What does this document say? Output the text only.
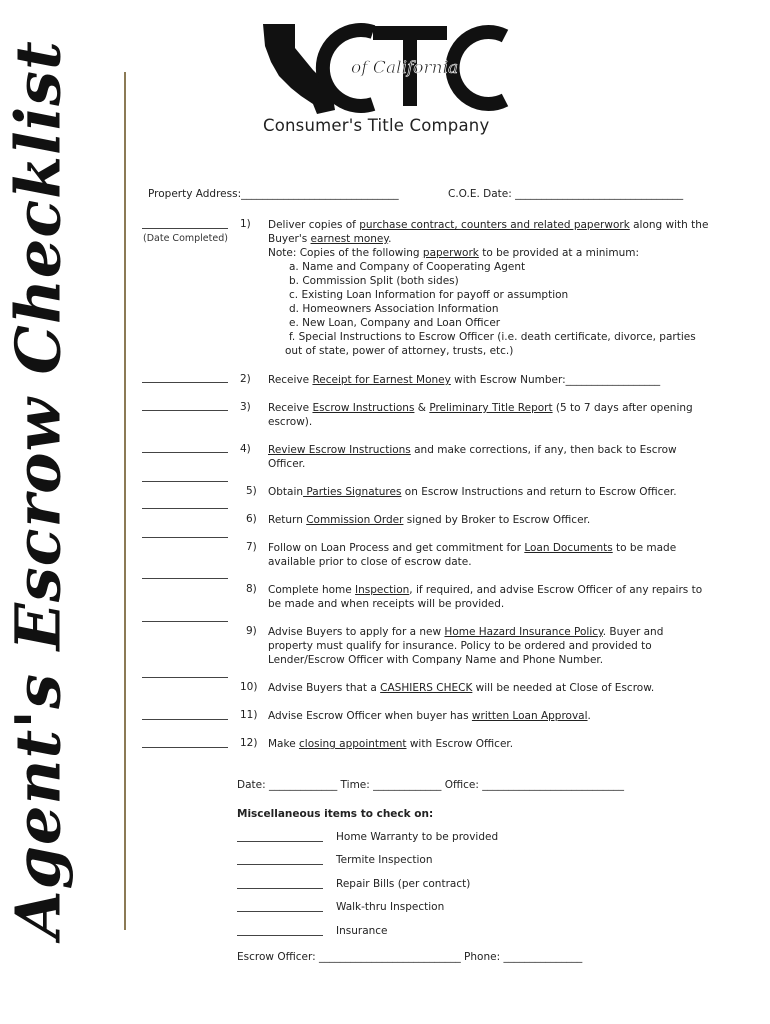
of California
Consumer's Title Company
Agent's Escrow Checklist	Property Address:______________________________	C.O.E. Date: ________________________________
(Date Completed)
1)	Deliver copies of purchase contract, counters and related paperwork along with the
Buyer's earnest money.
Note: Copies of the following paperwork to be provided at a minimum:
a. Name and Company of Cooperating Agent
b. Commission Split (both sides)
c. Existing Loan Information for payoff or assumption
d. Homeowners Association Information
e. New Loan, Company and Loan Officer
f. Special Instructions to Escrow Officer (i.e. death certificate, divorce, parties
out of state, power of attorney, trusts, etc.)
2)	Receive Receipt for Earnest Money with Escrow Number:__________________
3)	Receive Escrow Instructions & Preliminary Title Report (5 to 7 days after opening
escrow).
4)	Review Escrow Instructions and make corrections, if any, then back to Escrow
Officer.
5)	Obtain Parties Signatures on Escrow Instructions and return to Escrow Officer.
6)	Return Commission Order signed by Broker to Escrow Officer.
7)	Follow on Loan Process and get commitment for Loan Documents to be made
available prior to close of escrow date.
8)	Complete home Inspection, if required, and advise Escrow Officer of any repairs to
be made and when receipts will be provided.
9)	Advise Buyers to apply for a new Home Hazard Insurance Policy. Buyer and
property must qualify for insurance. Policy to be ordered and provided to
Lender/Escrow Officer with Company Name and Phone Number.
10)	Advise Buyers that a CASHIERS CHECK will be needed at Close of Escrow.
11)	Advise Escrow Officer when buyer has written Loan Approval.
12)	Make closing appointment with Escrow Officer.
Date: _____________ Time: _____________ Office: ___________________________
Miscellaneous items to check on:
Home Warranty to be provided
Termite Inspection
Repair Bills (per contract)
Walk-thru Inspection
Insurance
Escrow Officer: ___________________________ Phone: _______________
